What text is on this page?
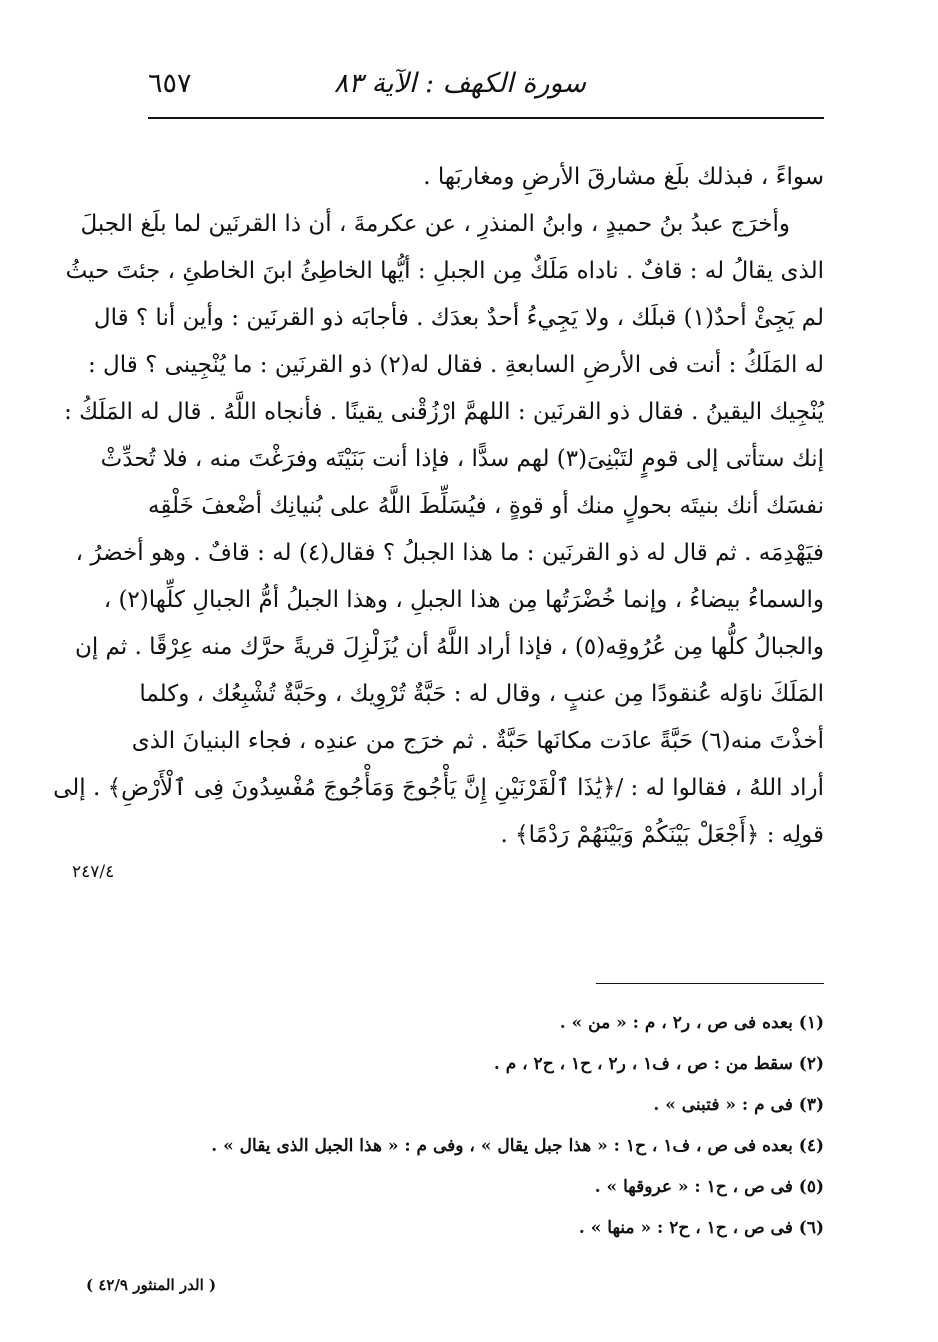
سورة الكهف : الآية ٨٣
٦٥٧
سواءً ، فبذلك بلَغ مشارقَ الأرضِ ومغاربَها .
وأخرَج عبدُ بنُ حميدٍ ، وابنُ المنذرِ ، عن عكرمةَ ، أن ذا القرنَين لما بلَغ الجبلَ
الذى يقالُ له : قافٌ . ناداه مَلَكٌ مِن الجبلِ : أيُّها الخاطِئُ ابنَ الخاطئِ ، جئتَ حيثُ
لم يَجِئْ أحدٌ(١) قبلَك ، ولا يَجِيءُ أحدٌ بعدَك . فأجابَه ذو القرنَين : وأين أنا ؟ قال
له المَلَكُ : أنت فى الأرضِ السابعةِ . فقال له(٢) ذو القرنَين : ما يُنْجِينى ؟ قال :
يُنْجِيك اليقينُ . فقال ذو القرنَين : اللهمَّ ارْزُقْنى يقينًا . فأنجاه اللَّهُ . قال له المَلَكُ :
إنك ستأتى إلى قومٍ لتَبْنِىَ(٣) لهم سدًّا ، فإذا أنت بَنَيْتَه وفرَغْتَ منه ، فلا تُحدِّثْ
نفسَك أنك بنيتَه بحولٍ منك أو قوةٍ ، فيُسَلِّطَ اللَّهُ على بُنيانِك أضْعفَ خَلْقِه
فيَهْدِمَه . ثم قال له ذو القرنَين : ما هذا الجبلُ ؟ فقال(٤) له : قافٌ . وهو أخضرُ ،
والسماءُ بيضاءُ ، وإنما خُضْرَتُها مِن هذا الجبلِ ، وهذا الجبلُ أمُّ الجبالِ كلِّها(٢) ،
والجبالُ كلُّها مِن عُرُوقِه(٥) ، فإذا أراد اللَّهُ أن يُزَلْزِلَ قريةً حرَّك منه عِرْقًا . ثم إن
المَلَكَ ناوَله عُنقودًا مِن عنبٍ ، وقال له : حَبَّةٌ تُرْوِيك ، وحَبَّةٌ تُشْبِعُك ، وكلما
أخذْتَ منه(٦) حَبَّةً عادَت مكانَها حَبَّةٌ . ثم خرَج من عندِه ، فجاء البنيانَ الذى
أراد اللهُ ، فقالوا له : /﴿يَٰذَا ٱلْقَرْنَيْنِ إِنَّ يَأْجُوجَ وَمَأْجُوجَ مُفْسِدُونَ فِى ٱلْأَرْضِ﴾ . إلى
قولِه : ﴿أَجْعَلْ بَيْنَكُمْ وَبَيْنَهُمْ رَدْمًا﴾ .
٢٤٧/٤
(١) بعده فى ص ، ر٢ ، م : « من » .
(٢) سقط من : ص ، ف١ ، ر٢ ، ح١ ، ح٢ ، م .
(٣) فى م : « فتبنى » .
(٤) بعده فى ص ، ف١ ، ح١ : « هذا جبل يقال » ، وفى م : « هذا الجبل الذى يقال » .
(٥) فى ص ، ح١ : « عروقها » .
(٦) فى ص ، ح١ ، ح٢ : « منها » .
( الدر المنثور ٤٢/٩ )
